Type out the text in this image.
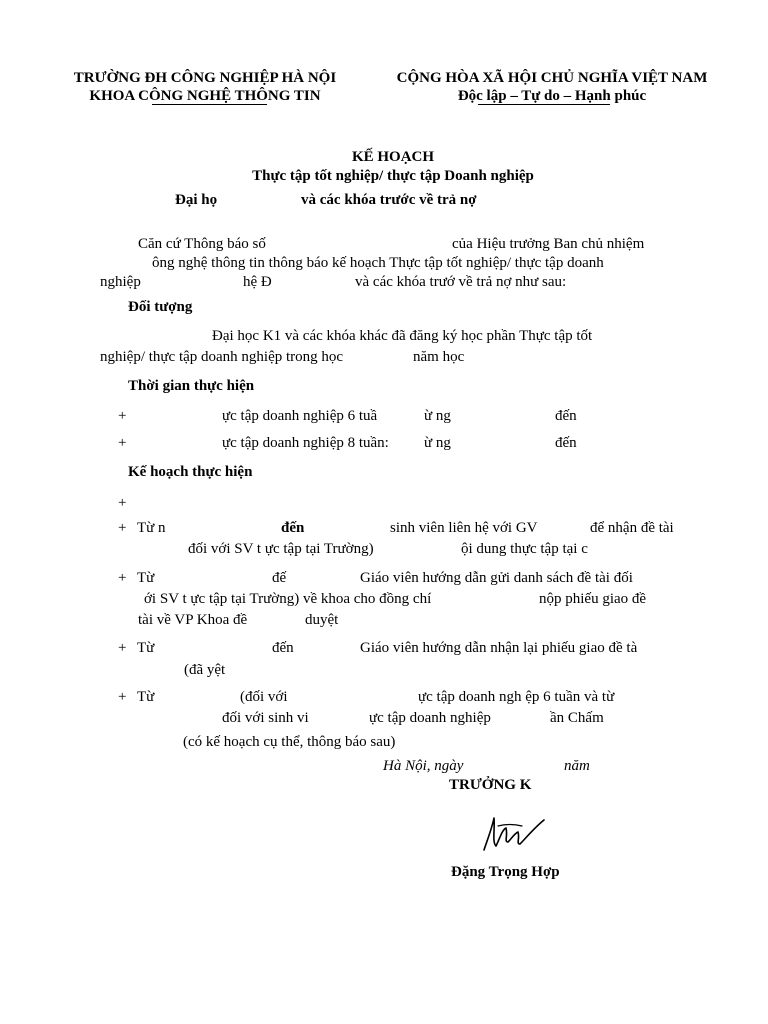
TRƯỜNG ĐH CÔNG NGHIỆP HÀ NỘI
KHOA CÔNG NGHỆ THÔNG TIN
CỘNG HÒA XÃ HỘI CHỦ NGHĨA VIỆT NAM
Độc lập – Tự do – Hạnh phúc
KẾ HOẠCH
Thực tập tốt nghiệp/ thực tập Doanh nghiệp
Đại họ	và các khóa trước về trả nợ
Căn cứ Thông báo số	của Hiệu trưởng Ban chủ nhiệm
ông nghệ thông tin thông báo kế hoạch Thực tập tốt nghiệp/ thực tập doanh
nghiệp	hệ Đ	và các khóa trướ về trả nợ như sau:
Đối tượng
Đại học K1 và các khóa khác đã đăng ký học phần Thực tập tốt
nghiệp/ thực tập doanh nghiệp trong học	năm học
Thời gian thực hiện
+	ực tập doanh nghiệp 6 tuầ	ừ ng	đến
+	ực tập doanh nghiệp 8 tuần: ừ ng	đến
Kế hoạch thực hiện
+
+ Từ n	đến	sinh viên liên hệ với GV	để nhận đề tài
đối với SV t ực tập tại Trường)	ội dung thực tập tại c
+ Từ	đế	Giáo viên hướng dẫn gửi danh sách đề tài đối
ới SV t ực tập tại Trường) về khoa cho đồng chí	nộp phiếu giao đề
tài về VP Khoa đề	duyệt
+ Từ	đến	Giáo viên hướng dẫn nhận lại phiếu giao đề tà
(đã yệt
+ Từ	(đối với	ực tập doanh ngh ệp 6 tuần và từ
đối với sinh vi	ực tập doanh nghiệp	ần Chấm
(có kế hoạch cụ thể, thông báo sau)
Hà Nội, ngày	năm
TRƯỞNG K
Đặng Trọng Hợp
